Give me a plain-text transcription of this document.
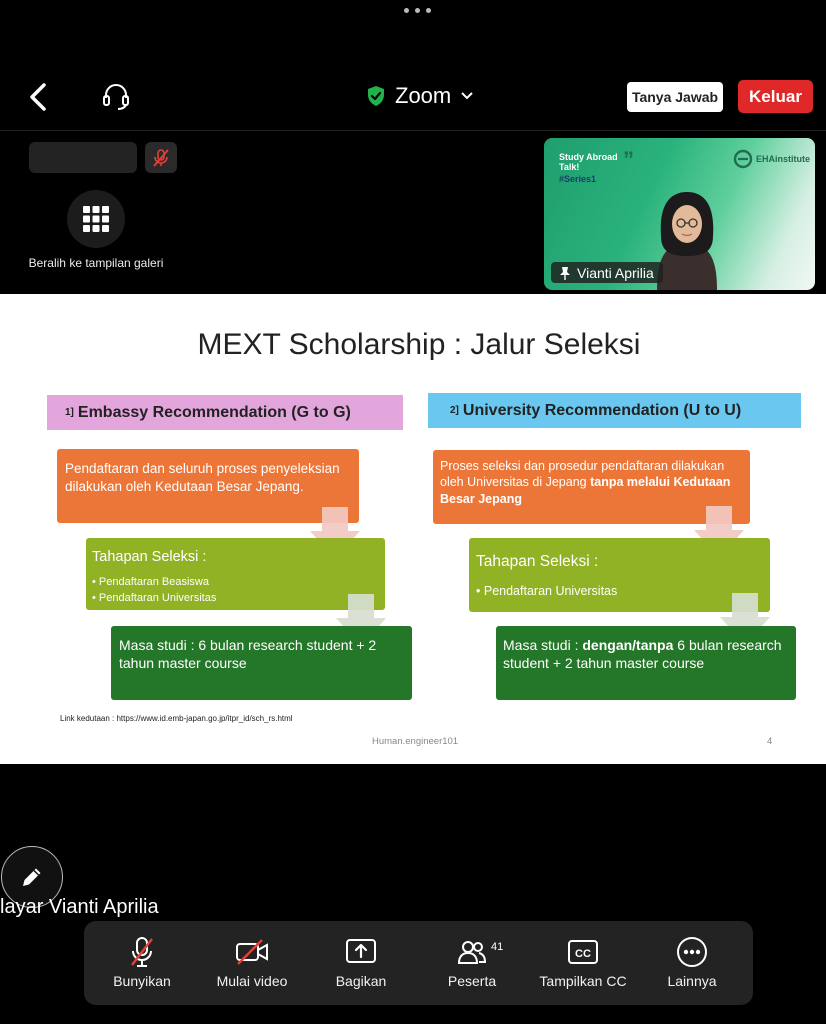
Zoom	Tanya Jawab	Keluar
Beralih ke tampilan galeri
Study Abroad
Talk!	”
#Series1
EHAinstitute
Vianti Aprilia
MEXT Scholarship : Jalur Seleksi
1] Embassy Recommendation (G to G)	2] University Recommendation (U to U)

Pendaftaran dan seluruh proses penyeleksian dilakukan oleh Kedutaan Besar Jepang.

Tahapan Seleksi :

• Pendaftaran Beasiswa
• Pendaftaran Universitas

Masa studi : 6 bulan research student + 2 tahun master course

Proses seleksi dan prosedur pendaftaran dilakukan oleh Universitas di Jepang tanpa melalui Kedutaan Besar Jepang

Tahapan Seleksi :

• Pendaftaran Universitas

Masa studi : dengan/tanpa 6 bulan research student + 2 tahun master course

Link kedutaan : https://www.id.emb-japan.go.jp/itpr_id/sch_rs.html
Human.engineer101	4
layar Vianti Aprilia
Bunyikan	Mulai video	Bagikan
41
Peserta
CC
Tampilkan CC	Lainnya
